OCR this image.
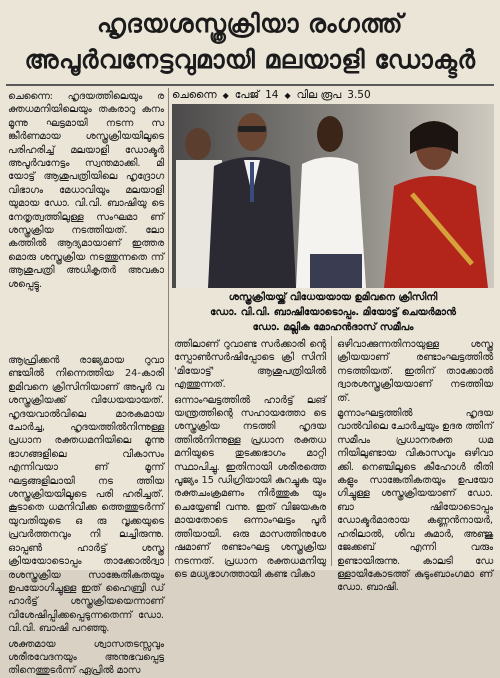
ഹൃദയശസ്ത്രക്രിയാ രംഗത്ത്
അപൂർവനേട്ടവുമായി മലയാളി ഡോക്ടർ
ചെന്നൈ ◆ പേജ് 14 ◆ വില രൂപ 3.50

ചെന്നൈ: ഹൃദയത്തിലെയും ര ക്തധമനിയിലെയും തകരാറു കനം മൂന്നു ഘട്ടമായി നടന്ന സ ങ്കീർണമായ ശസ്ത്രക്രിയയിലൂടെ പരിഹരിച്ച് മലയാളി ഡോക്ടർ അപൂർവനേട്ടം സ്വന്തമാക്കി. മി യോട്ട് ആശുപത്രിയിലെ ഹൃദ്രോഗ വിഭാഗം മേധാവിയും മലയാളി യുമായ ഡോ. വി.വി. ബാഷിയു ടെ നേതൃത്വത്തിലുള്ള സംഘമാ ണ് ശസ്ത്രക്രിയ നടത്തിയത്. ലോ കത്തിൽ ആദ്യമായാണ് ഇത്തര മൊരു ശസ്ത്രക്രിയ നടത്തുന്നതെ ന്ന് ആശുപത്രി അധികൃതർ അവകാ ശപ്പെട്ടു.

ശസ്ത്രക്രിയയ്ക്ക് വിധേയയായ ഉമിവനെ ക്രിസിനി
ഡോ. വി.വി. ബാഷിയോടൊപ്പം. മിയോട്ട് ചെയർമാൻ
ഡോ. മല്ലിക മോഹൻദാസ് സമീപം

ആഫ്രിക്കൻ രാജ്യമായ റുവാ ണ്ടയിൽ നിന്നെത്തിയ 24-കാരി ഉമിവനെ ക്രിസിനിയാണ് അപൂർ വ ശസ്ത്രക്രിയക്ക് വിധേയയായത്. ഹൃദയവാൽവിലെ മാരകമായ ചോർച്ച, ഹൃദയത്തിൽനിന്നുള്ള പ്രധാന രക്തധമനിയിലെ മൂന്നു ഭാഗങ്ങളിലെ വികാസം എന്നിവയാ ണ് മൂന്ന് ഘട്ടങ്ങളിലായി നട ത്തിയ ശസ്ത്രക്രിയയിലൂടെ പരി ഹരിച്ചത്. കൂടാതെ ധമനിവീക്ക ത്തെത്തുടർന്ന് യുവതിയുടെ ഒ രു വൃക്കയുടെ പ്രവർത്തനവും നി ലച്ചിരുന്നു. ഓപ്പൺ ഹാർട്ട് ശസ്ത്ര ക്രിയയോടൊപ്പം താക്കോൽദ്വാ രശസ്ത്രക്രിയ സാങ്കേതികതയും ഉപയോഗിച്ചുള്ള ഇത് ഹൈബ്രി ഡ് ഹാർട്ട് ശസ്ത്രക്രിയയെന്നാണ് വിശേഷിപ്പിക്കപ്പെടുന്നതെന്ന് ഡോ. വി.വി. ബാഷി പറഞ്ഞു.

ശക്തമായ ശ്വാസതടസ്സവും ശരീരവേദനയും അനുഭവപ്പെട്ട തിനെത്തുടർന്ന് ഏപ്രിൽ മാസ

ത്തിലാണ് റുവാണ്ട സർക്കാരി ന്റെ സ്പോൺസർഷിപ്പോടെ ക്രി സിനി 'മിയോട്ട്' ആശുപത്രിയിൽ എത്തുന്നത്.

ഒന്നാംഘട്ടത്തിൽ ഹാർട്ട് ലങ് യന്ത്രത്തിന്റെ സഹായത്തോ ടെ ശസ്ത്രക്രിയ നടത്തി ഹൃദയ ത്തിൽനിന്നുള്ള പ്രധാന രക്തധ മനിയുടെ തുടക്കഭാഗം മാറ്റി സ്ഥാപിച്ചു. ഇതിനായി ശരീരത്തെ പൂജ്യം 15 ഡിഗ്രിയായി കുറച്ചുക യും രക്തചംക്രമണം നിർത്തുക യും ചെയ്യേണ്ടി വന്നു. ഇത് വിജയകര മായതോടെ ഒന്നാംഘട്ടം പൂർ ത്തിയായി. ഒരു മാസത്തിനുശേ ഷമാണ് രണ്ടാംഘട്ട ശസ്ത്രക്രിയ നടന്നത്. പ്രധാന രക്തധമനിയു ടെ മധ്യഭാഗത്തായി കണ്ട വികാ

ഒഴിവാക്കുന്നതിനായുള്ള ശസ്ത്ര ക്രിയയാണ് രണ്ടാംഘട്ടത്തിൽ നടത്തിയത്. ഇതിന് താക്കോൽ ദ്വാരശസ്ത്രക്രിയയാണ് നടത്തിയ ത്.

മൂന്നാംഘട്ടത്തിൽ ഹൃദയ വാൽവിലെ ചോർച്ചയും ഉദര ത്തിന് സമീപം പ്രധാനരക്ത ധമ നിയിലുണ്ടായ വികാസവും ഒഴിവാ ക്കി. നെഞ്ചിലൂടെ കീഹോൾ രീതി കളും സാങ്കേതികതയും ഉപയോ ഗിച്ചുള്ള ശസ്ത്രക്രിയയാണ് ഡോ. ബാ ഷിയോടൊപ്പം ഡോക്ടർമാരായ കണ്ണൻനായർ, ഹരിലാൽ, ശിവ കുമാർ, അഞ്ജു ജേക്കബ് എന്നി വരും ഉണ്ടായിരുന്നു. കാലടി ഡേ ള്ളായികോടത്ത് കുടുംബാംഗമാ ണ് ഡോ. ബാഷി.
